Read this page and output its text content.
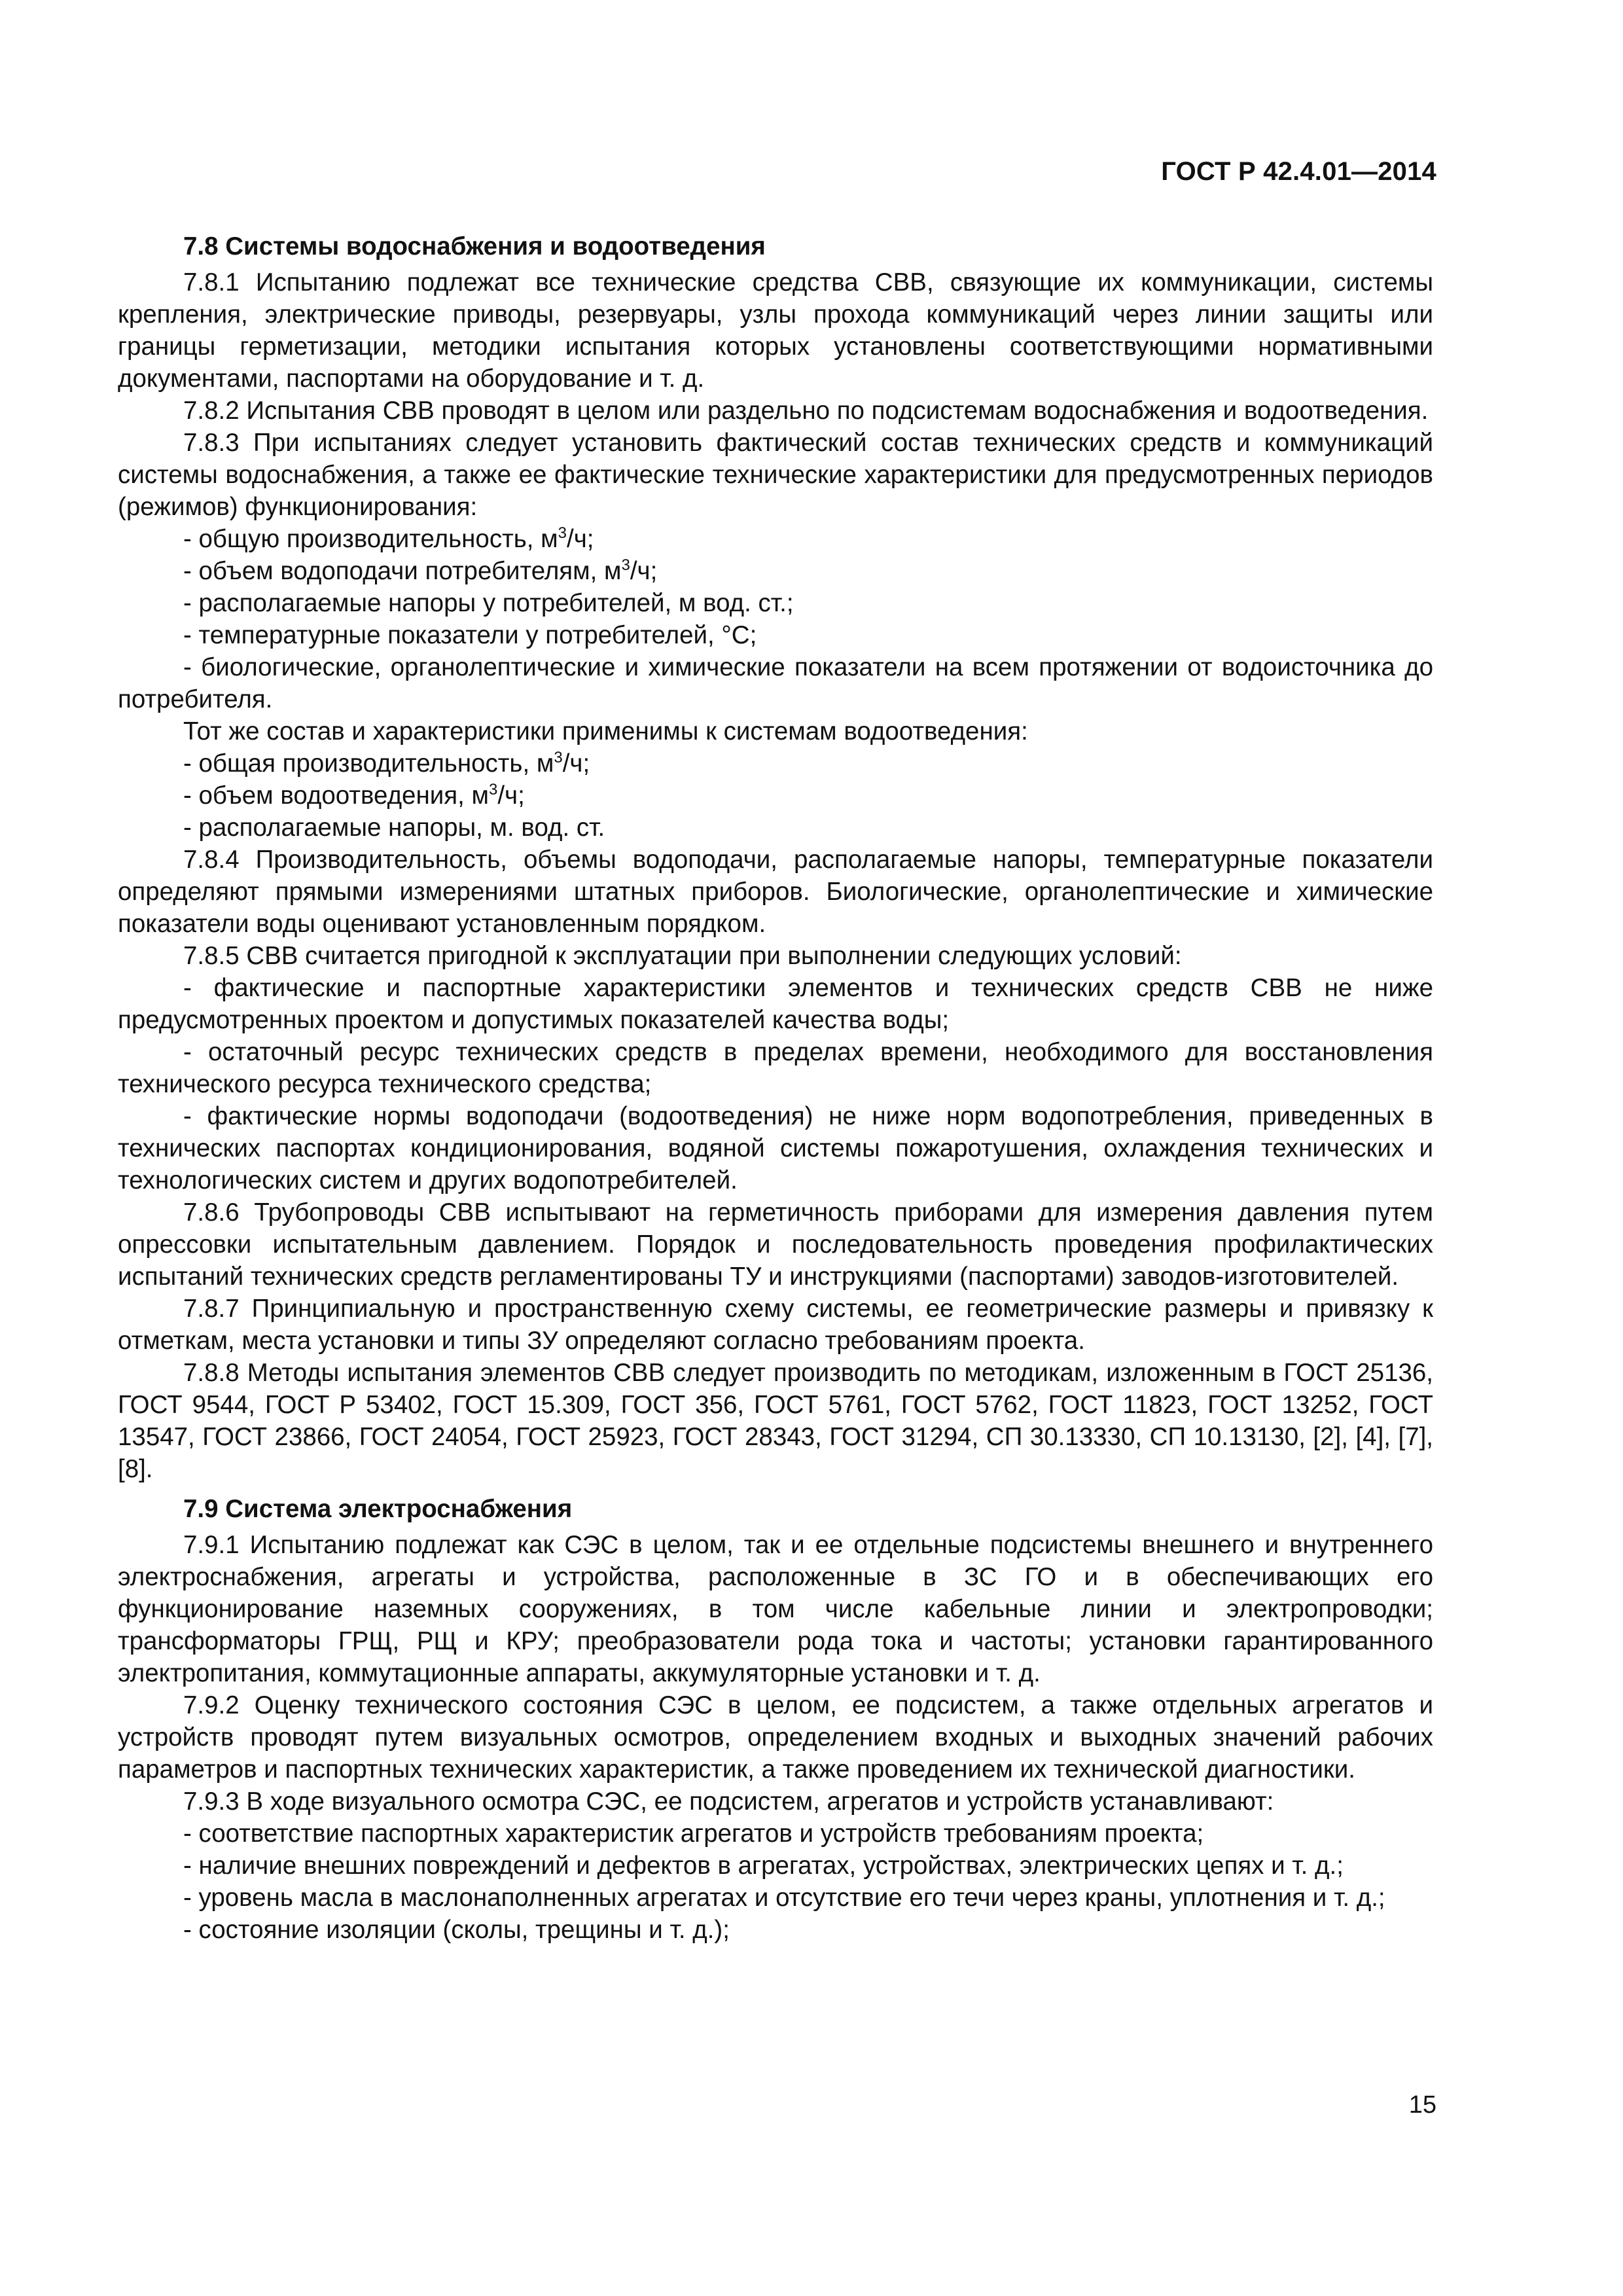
ГОСТ Р 42.4.01—2014

7.8 Системы водоснабжения и водоотведения

7.8.1 Испытанию подлежат все технические средства СВВ, связующие их коммуникации, системы крепления, электрические приводы, резервуары, узлы прохода коммуникаций через линии защиты или границы герметизации, методики испытания которых установлены соответствующими нормативными документами, паспортами на оборудование и т. д.

7.8.2 Испытания СВВ проводят в целом или раздельно по подсистемам водоснабжения и водоотведения.

7.8.3 При испытаниях следует установить фактический состав технических средств и коммуникаций системы водоснабжения, а также ее фактические технические характеристики для предусмотренных периодов (режимов) функционирования:

- общую производительность, $м^3/ч$;

- объем водоподачи потребителям, $м^3/ч$;

- располагаемые напоры у потребителей, м вод. ст.;

- температурные показатели у потребителей, °С;

- биологические, органолептические и химические показатели на всем протяжении от водоисточника до потребителя.

Тот же состав и характеристики применимы к системам водоотведения:

- общая производительность, $м^3/ч$;

- объем водоотведения, $м^3/ч$;

- располагаемые напоры, м. вод. ст.

7.8.4 Производительность, объемы водоподачи, располагаемые напоры, температурные показатели определяют прямыми измерениями штатных приборов. Биологические, органолептические и химические показатели воды оценивают установленным порядком.

7.8.5 СВВ считается пригодной к эксплуатации при выполнении следующих условий:

- фактические и паспортные характеристики элементов и технических средств СВВ не ниже предусмотренных проектом и допустимых показателей качества воды;

- остаточный ресурс технических средств в пределах времени, необходимого для восстановления технического ресурса технического средства;

- фактические нормы водоподачи (водоотведения) не ниже норм водопотребления, приведенных в технических паспортах кондиционирования, водяной системы пожаротушения, охлаждения технических и технологических систем и других водопотребителей.

7.8.6 Трубопроводы СВВ испытывают на герметичность приборами для измерения давления путем опрессовки испытательным давлением. Порядок и последовательность проведения профилактических испытаний технических средств регламентированы ТУ и инструкциями (паспортами) заводов-изготовителей.

7.8.7 Принципиальную и пространственную схему системы, ее геометрические размеры и привязку к отметкам, места установки и типы ЗУ определяют согласно требованиям проекта.

7.8.8 Методы испытания элементов СВВ следует производить по методикам, изложенным в ГОСТ 25136, ГОСТ 9544, ГОСТ Р 53402, ГОСТ 15.309, ГОСТ 356, ГОСТ 5761, ГОСТ 5762, ГОСТ 11823, ГОСТ 13252, ГОСТ 13547, ГОСТ 23866, ГОСТ 24054, ГОСТ 25923, ГОСТ 28343, ГОСТ 31294, СП 30.13330, СП 10.13130, [2], [4], [7], [8].

7.9 Система электроснабжения

7.9.1 Испытанию подлежат как СЭС в целом, так и ее отдельные подсистемы внешнего и внутреннего электроснабжения, агрегаты и устройства, расположенные в ЗС ГО и в обеспечивающих его функционирование наземных сооружениях, в том числе кабельные линии и электропроводки; трансформаторы ГРЩ, РЩ и КРУ; преобразователи рода тока и частоты; установки гарантированного электропитания, коммутационные аппараты, аккумуляторные установки и т. д.

7.9.2 Оценку технического состояния СЭС в целом, ее подсистем, а также отдельных агрегатов и устройств проводят путем визуальных осмотров, определением входных и выходных значений рабочих параметров и паспортных технических характеристик, а также проведением их технической диагностики.

7.9.3 В ходе визуального осмотра СЭС, ее подсистем, агрегатов и устройств устанавливают:

- соответствие паспортных характеристик агрегатов и устройств требованиям проекта;

- наличие внешних повреждений и дефектов в агрегатах, устройствах, электрических цепях и т. д.;

- уровень масла в маслонаполненных агрегатах и отсутствие его течи через краны, уплотнения и т. д.;

- состояние изоляции (сколы, трещины и т. д.);

15
